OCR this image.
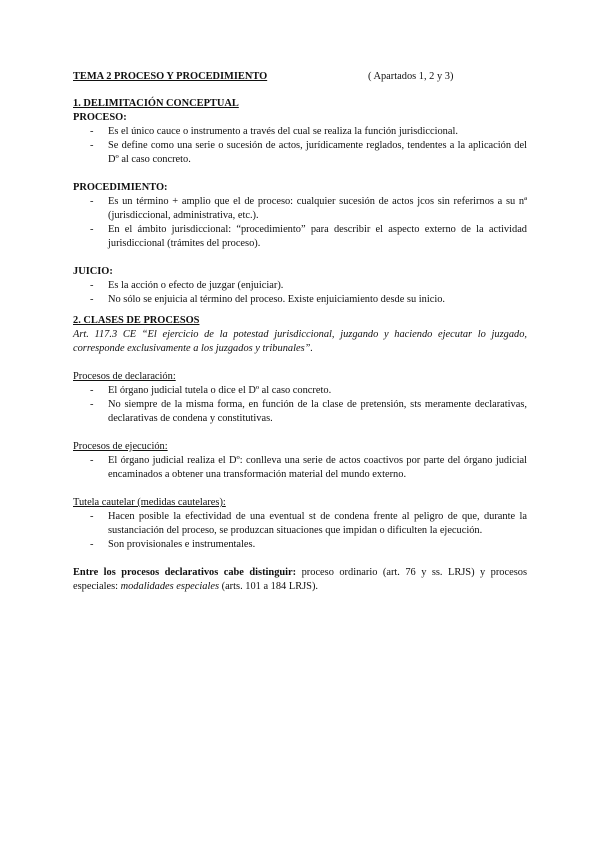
TEMA 2 PROCESO Y PROCEDIMIENTO	( Apartados 1, 2 y 3)
1. DELIMITACIÓN CONCEPTUAL
PROCESO:
- Es el único cauce o instrumento a través del cual se realiza la función jurisdiccional.
- Se define como una serie o sucesión de actos, jurídicamente reglados, tendentes a la aplicación del Dº al caso concreto.
PROCEDIMIENTO:
- Es un término + amplio que el de proceso: cualquier sucesión de actos jcos sin referirnos a su nª (jurisdiccional, administrativa, etc.).
- En el ámbito jurisdiccional: “procedimiento” para describir el aspecto externo de la actividad jurisdiccional (trámites del proceso).
JUICIO:
- Es la acción o efecto de juzgar (enjuiciar).
- No sólo se enjuicia al término del proceso. Existe enjuiciamiento desde su inicio.
2. CLASES DE PROCESOS
Art. 117.3 CE “El ejercicio de la potestad jurisdiccional, juzgando y haciendo ejecutar lo juzgado, corresponde exclusivamente a los juzgados y tribunales”.
Procesos de declaración:
- El órgano judicial tutela o dice el Dº al caso concreto.
- No siempre de la misma forma, en función de la clase de pretensión, sts meramente declarativas, declarativas de condena y constitutivas.
Procesos de ejecución:
- El órgano judicial realiza el Dº: conlleva una serie de actos coactivos por parte del órgano judicial encaminados a obtener una transformación material del mundo externo.
Tutela cautelar (medidas cautelares):
- Hacen posible la efectividad de una eventual st de condena frente al peligro de que, durante la sustanciación del proceso, se produzcan situaciones que impidan o dificulten la ejecución.
- Son provisionales e instrumentales.

Entre los procesos declarativos cabe distinguir: proceso ordinario (art. 76 y ss. LRJS) y procesos especiales: modalidades especiales (arts. 101 a 184 LRJS).
